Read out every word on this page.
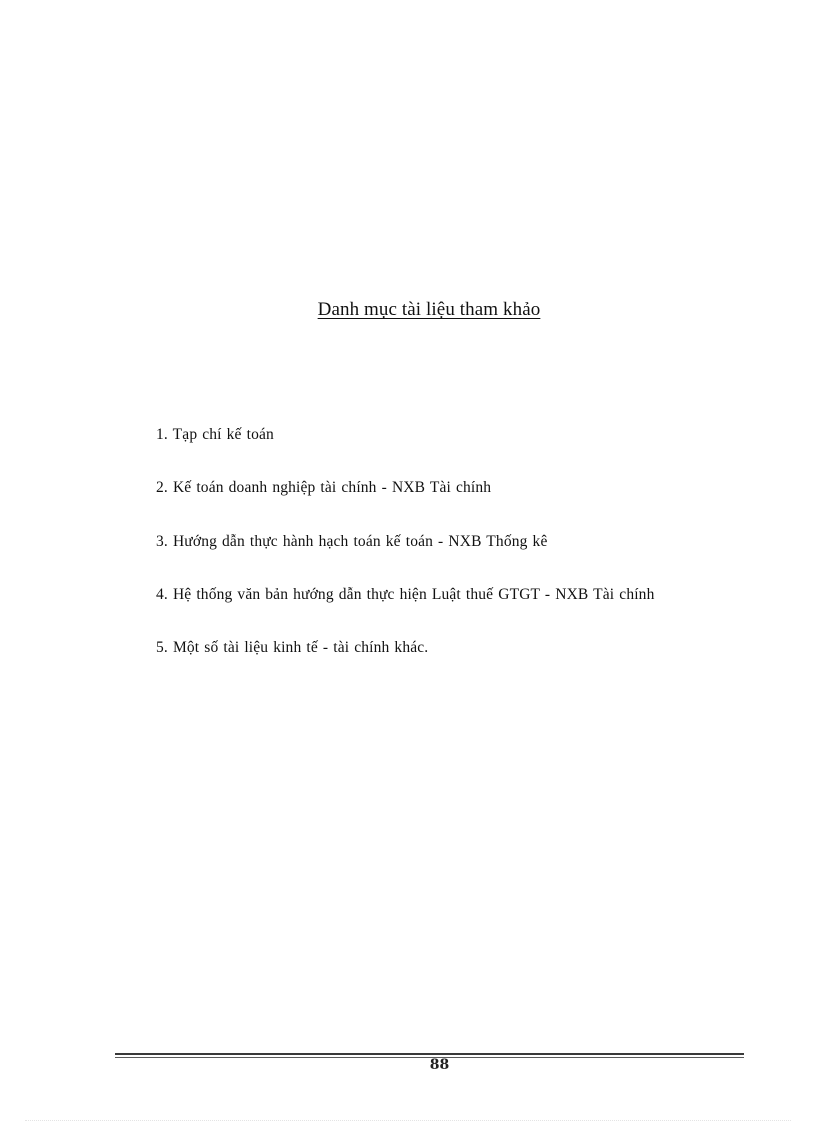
Danh mục tài liệu tham khảo
1. Tạp chí kế toán
2. Kế toán doanh nghiệp tài chính - NXB Tài chính
3. Hướng dẫn thực hành hạch toán kế toán - NXB Thống kê
4. Hệ thống văn bản hướng dẫn thực hiện Luật thuế GTGT - NXB Tài chính
5. Một số tài liệu kinh tế - tài chính khác.
88
